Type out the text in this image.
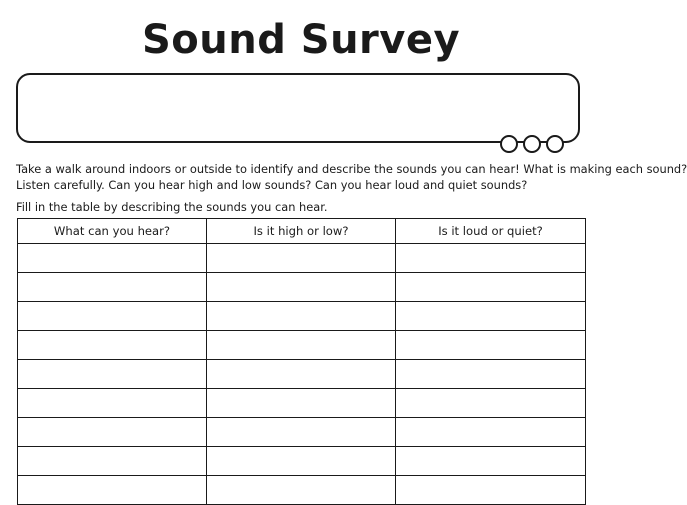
Sound Survey
Take a walk around indoors or outside to identify and describe the sounds you can hear! What is making each sound?
Listen carefully. Can you hear high and low sounds? Can you hear loud and quiet sounds?
Fill in the table by describing the sounds you can hear.
What can you hear?	Is it high or low?	Is it loud or quiet?
